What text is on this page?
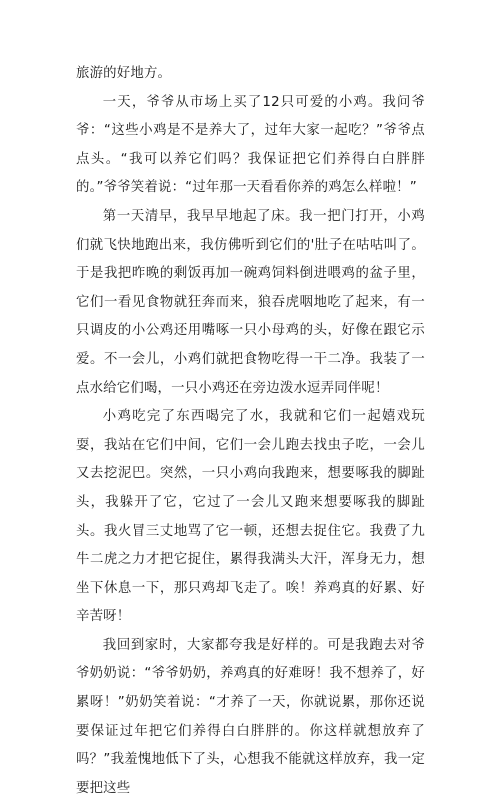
旅游的好地方。

一天，爷爷从市场上买了12只可爱的小鸡。我问爷爷：“这些小鸡是不是养大了，过年大家一起吃？”爷爷点点头。“我可以养它们吗？我保证把它们养得白白胖胖的。”爷爷笑着说：“过年那一天看看你养的鸡怎么样啦！”

第一天清早，我早早地起了床。我一把门打开，小鸡们就飞快地跑出来，我仿佛听到它们的'肚子在咕咕叫了。于是我把昨晚的剩饭再加一碗鸡饲料倒进喂鸡的盆子里，它们一看见食物就狂奔而来，狼吞虎咽地吃了起来，有一只调皮的小公鸡还用嘴啄一只小母鸡的头，好像在跟它示爱。不一会儿，小鸡们就把食物吃得一干二净。我装了一点水给它们喝，一只小鸡还在旁边泼水逗弄同伴呢！

小鸡吃完了东西喝完了水，我就和它们一起嬉戏玩耍，我站在它们中间，它们一会儿跑去找虫子吃，一会儿又去挖泥巴。突然，一只小鸡向我跑来，想要啄我的脚趾头，我躲开了它，它过了一会儿又跑来想要啄我的脚趾头。我火冒三丈地骂了它一顿，还想去捉住它。我费了九牛二虎之力才把它捉住，累得我满头大汗，浑身无力，想坐下休息一下，那只鸡却飞走了。唉！养鸡真的好累、好辛苦呀！

我回到家时，大家都夸我是好样的。可是我跑去对爷爷奶奶说：“爷爷奶奶，养鸡真的好难呀！我不想养了，好累呀！”奶奶笑着说：“才养了一天，你就说累，那你还说要保证过年把它们养得白白胖胖的。你这样就想放弃了吗？”我羞愧地低下了头，心想我不能就这样放弃，我一定要把这些
